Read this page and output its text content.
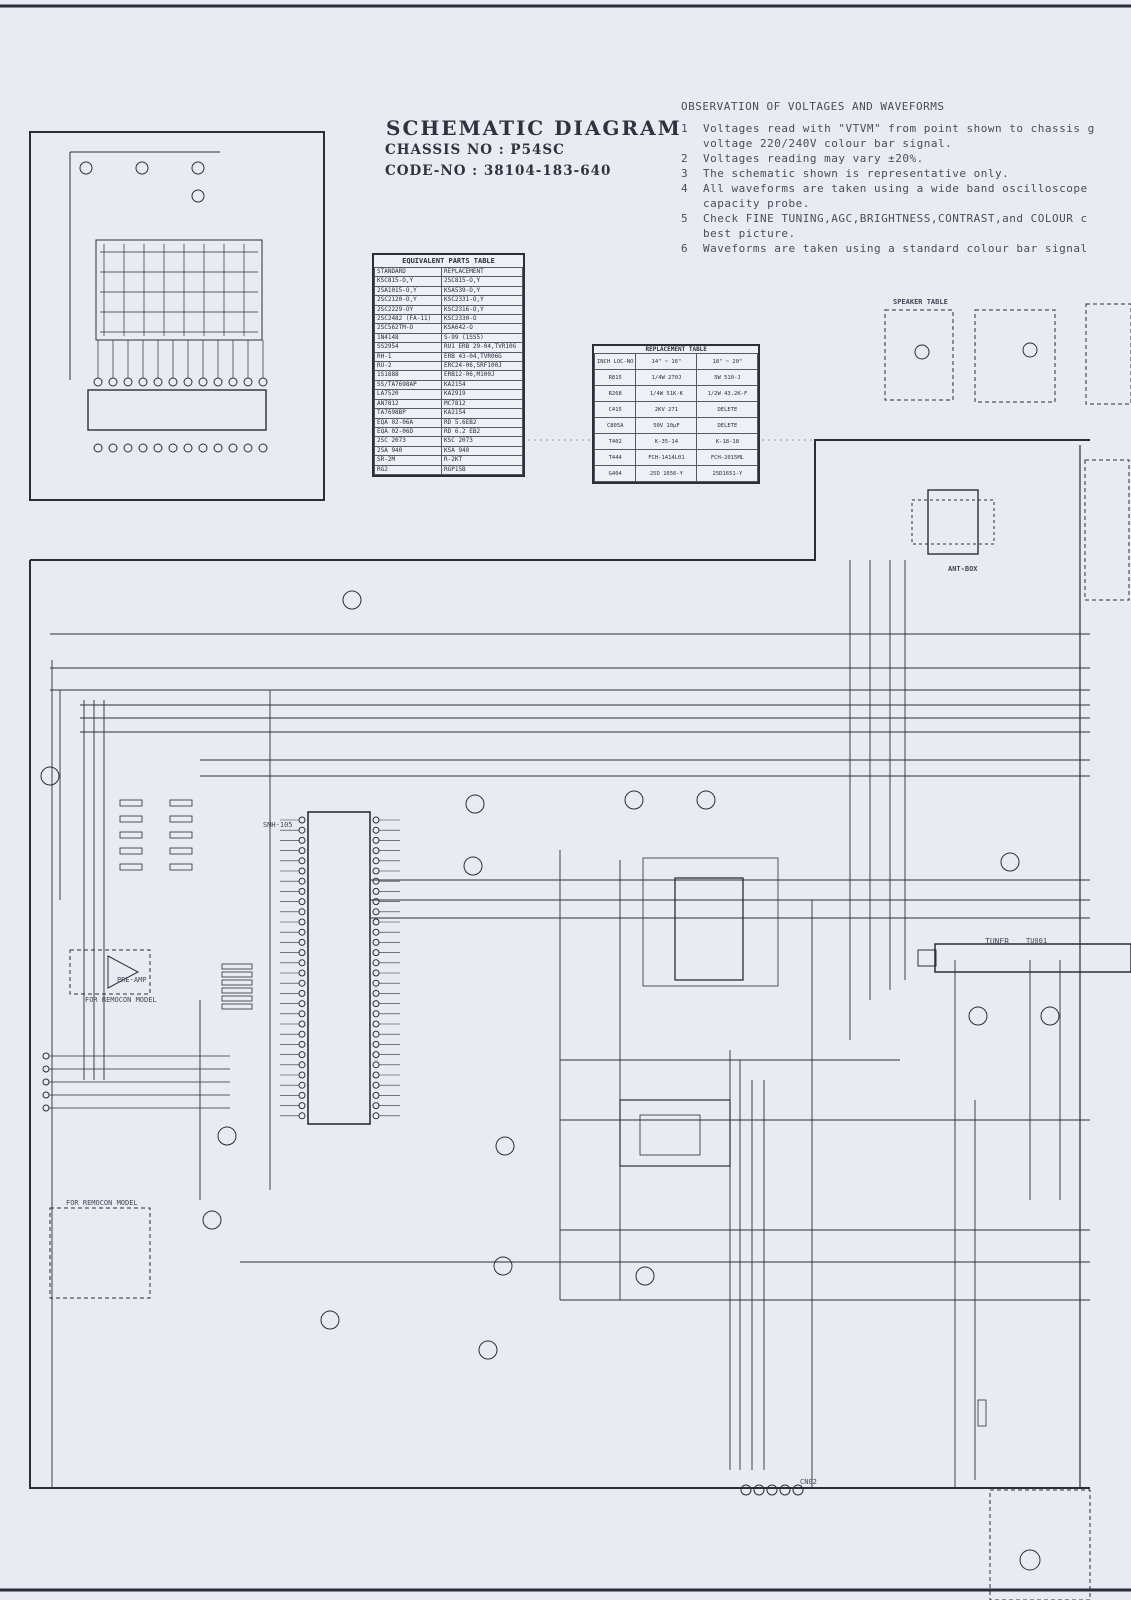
SCHEMATIC DIAGRAM
CHASSIS NO : P54SC
CODE-NO : 38104-183-640
OBSERVATION OF VOLTAGES AND WAVEFORMS
1 Voltages read with "VTVM" from point shown to chassis g
voltage 220/240V colour bar signal.
2 Voltages reading may vary ±20%.
3 The schematic shown is representative only.
4 All waveforms are taken using a wide band oscilloscope
capacity probe.
5 Check FINE TUNING,AGC,BRIGHTNESS,CONTRAST,and COLOUR c
best picture.
6 Waveforms are taken using a standard colour bar signal
EQUIVALENT PARTS TABLE
STANDARD	REPLACEMENT
KSC815-O,Y	2SC815-O,Y
2SA1015-O,Y	KSA539-O,Y
2SC2120-O,Y	KSC2331-O,Y
2SC2229-OY	KSC2316-O,Y
2SC2482 (FA-11)	KSC2330-O
2SC562TM-O	KSA642-O
1N4148	S-99 (1SS5)
SS2954	RU1 ERB 29-04,TVR10G
RH-1	ERB 43-04,TVR06G
RU-2	ERC24-06,SRF100J
1S1888	ERB12-06,M100J
SS/TA7698AP	KA2154
LA7520	KA2919
AN7812	MC7812
TA7698BP	KA2154
EQA 02-06A	RD 5.6EB2
EQA 02-06D	RD 6.2 EB2
2SC 2073	KSC 2073
2SA 940	KSA 940
SR-2M	R-2KT
RG2	RGP15B
REPLACEMENT TABLE
INCH LOC-NO	14" ~ 16"	18" ~ 20"
R815	1/4W 270J	5W 510-J
R268	1/4W 51K-K	1/2W 43.2K-F
C415	2KV 271	DELETE
C805A	50V 10μF	DELETE
T402	K-35-14	K-18-18
T444	FCH-1414L01	FCH-2015ML
G404	25D 1656-Y	25D1651-Y
SPEAKER TABLE
ANT-BOX
TUNER TU001
FOR REMOCON MODEL
FOR REMOCON MODEL
SMH-105
PRE-AMP
CN02
